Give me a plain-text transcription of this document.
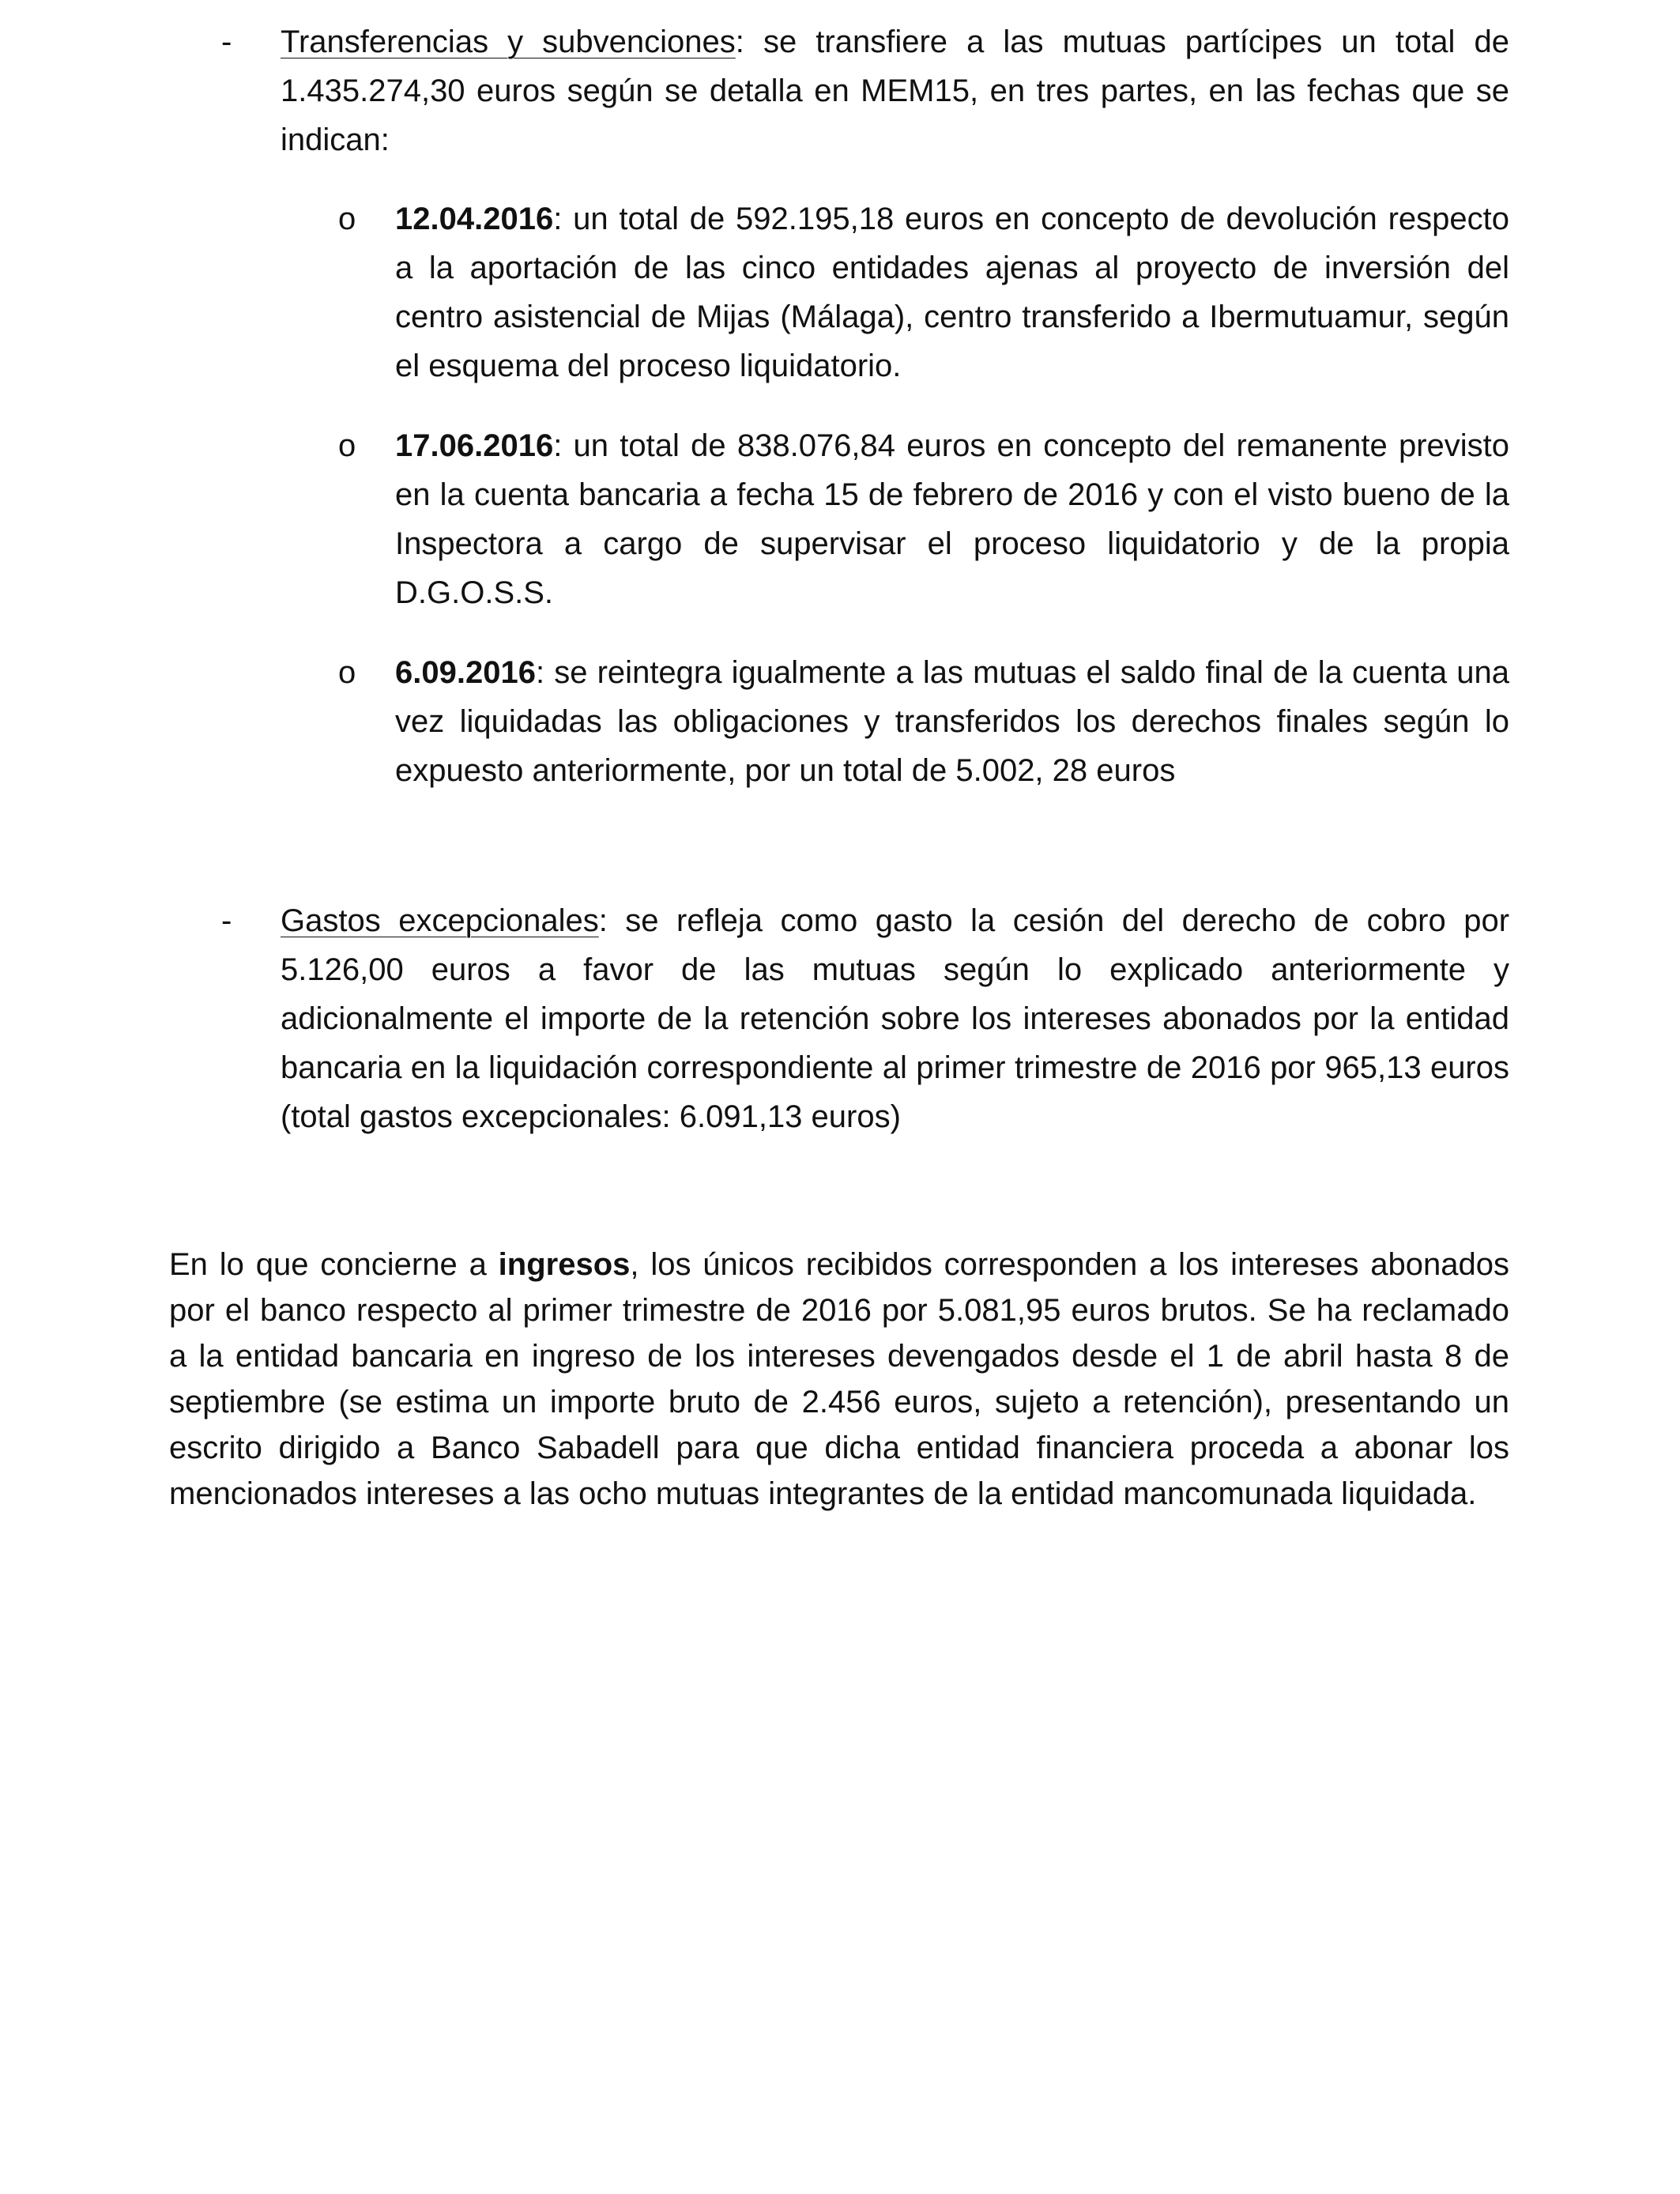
- Transferencias y subvenciones: se transfiere a las mutuas partícipes un total de 1.435.274,30 euros según se detalla en MEM15, en tres partes, en las fechas que se indican:

o 12.04.2016: un total de 592.195,18 euros en concepto de devolución respecto a la aportación de las cinco entidades ajenas al proyecto de inversión del centro asistencial de Mijas (Málaga), centro transferido a Ibermutuamur, según el esquema del proceso liquidatorio.

o 17.06.2016: un total de 838.076,84 euros en concepto del remanente previsto en la cuenta bancaria a fecha 15 de febrero de 2016 y con el visto bueno de la Inspectora a cargo de supervisar el proceso liquidatorio y de la propia D.G.O.S.S.

o 6.09.2016: se reintegra igualmente a las mutuas el saldo final de la cuenta una vez liquidadas las obligaciones y transferidos los derechos finales según lo expuesto anteriormente, por un total de 5.002, 28 euros

- Gastos excepcionales: se refleja como gasto la cesión del derecho de cobro por 5.126,00 euros a favor de las mutuas según lo explicado anteriormente y adicionalmente el importe de la retención sobre los intereses abonados por la entidad bancaria en la liquidación correspondiente al primer trimestre de 2016 por 965,13 euros (total gastos excepcionales: 6.091,13 euros)

En lo que concierne a ingresos, los únicos recibidos corresponden a los intereses abonados por el banco respecto al primer trimestre de 2016 por 5.081,95 euros brutos. Se ha reclamado a la entidad bancaria en ingreso de los intereses devengados desde el 1 de abril hasta 8 de septiembre (se estima un importe bruto de 2.456 euros, sujeto a retención), presentando un escrito dirigido a Banco Sabadell para que dicha entidad financiera proceda a abonar los mencionados intereses a las ocho mutuas integrantes de la entidad mancomunada liquidada.
